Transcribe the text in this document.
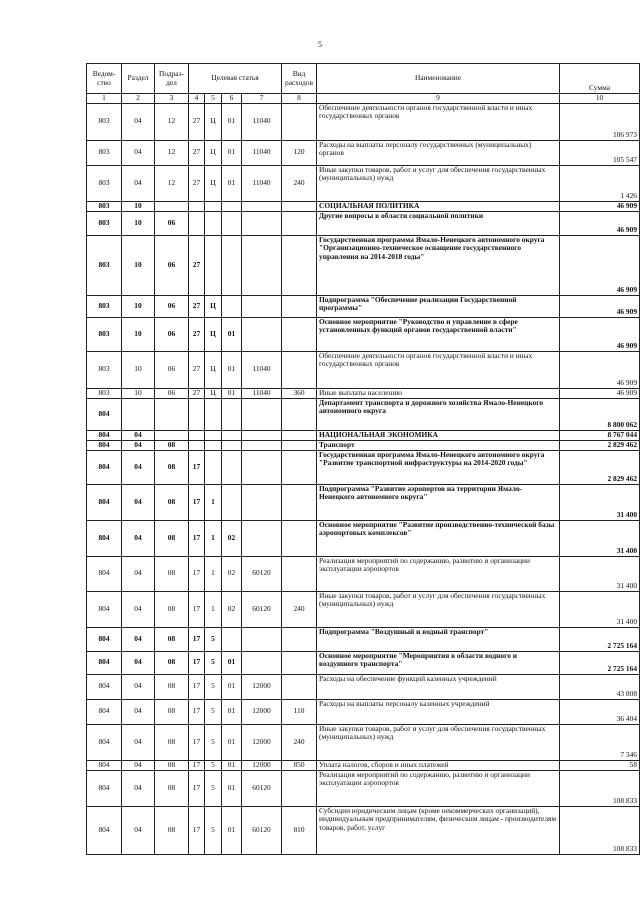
5
Ведом-ство	Раздел	Подраз-дел	Целевая статья				Вид расходов	Наименование	Сумма

1	2	3	4	5	6	7	8	9	10
803	04	12	27	Ц	01	11040		Обеспечение деятельности органов государственной власти и иных государственных органов	106 973
803	04	12	27	Ц	01	11040	120	Расходы на выплаты персоналу государственных (муниципальных) органов	105 547
803	04	12	27	Ц	01	11040	240	Иные закупки товаров, работ и услуг для обеспечения государственных (муниципальных) нужд	1 426
803	10							СОЦИАЛЬНАЯ ПОЛИТИКА	46 909
803	10	06						Другие вопросы в области социальной политики	46 909
803	10	06	27					Государственная программа Ямало-Ненецкого автономного округа "Организационно-техническое оснащение государственного управления на 2014-2018 годы"	46 909
803	10	06	27	Ц				Подпрограмма "Обеспечение реализации Государственной программы"	46 909
803	10	06	27	Ц	01			Основное мероприятие "Руководство и управление в сфере установленных функций органов государственной власти"	46 909
803	10	06	27	Ц	01	11040		Обеспечение деятельности органов государственной власти и иных государственных органов	46 909
803	10	06	27	Ц	01	11040	360	Иные выплаты населению	46 909
804								Департамент транспорта и дорожного хозяйства Ямало-Ненецкого автономного округа	8 800 062
804	04							НАЦИОНАЛЬНАЯ ЭКОНОМИКА	8 767 044
804	04	08						Транспорт	2 829 462
804	04	08	17					Государственная программа Ямало-Ненецкого автономного округа "Развитие транспортной инфраструктуры на 2014-2020 годы"	2 829 462
804	04	08	17	1				Подпрограмма "Развитие аэропортов на территории Ямало-Ненецкого автономного округа"	31 400
804	04	08	17	1	02			Основное мероприятие "Развитие производственно-технической базы аэропортовых комплексов"	31 400
804	04	08	17	1	02	60120		Реализация мероприятий по содержанию, развитию и организации эксплуатации аэропортов	31 400
804	04	08	17	1	02	60120	240	Иные закупки товаров, работ и услуг для обеспечения государственных (муниципальных) нужд	31 400
804	04	08	17	5				Подпрограмма "Воздушный и водный транспорт"	2 725 164
804	04	08	17	5	01			Основное мероприятие "Мероприятия в области водного и воздушного транспорта"	2 725 164
804	04	08	17	5	01	12000		Расходы на обеспечение функций казенных учреждений	43 808
804	04	08	17	5	01	12000	110	Расходы на выплаты персоналу казенных учреждений	36 404
804	04	08	17	5	01	12000	240	Иные закупки товаров, работ и услуг для обеспечения государственных (муниципальных) нужд	7 346
804	04	08	17	5	01	12000	850	Уплата налогов, сборов и иных платежей	58
804	04	08	17	5	01	60120		Реализация мероприятий по содержанию, развитию и организации эксплуатации аэропортов	108 833
804	04	08	17	5	01	60120	810	Субсидии юридическим лицам (кроме некоммерческих организаций), индивидуальным предпринимателям, физическим лицам - производителям товаров, работ, услуг	108 833
